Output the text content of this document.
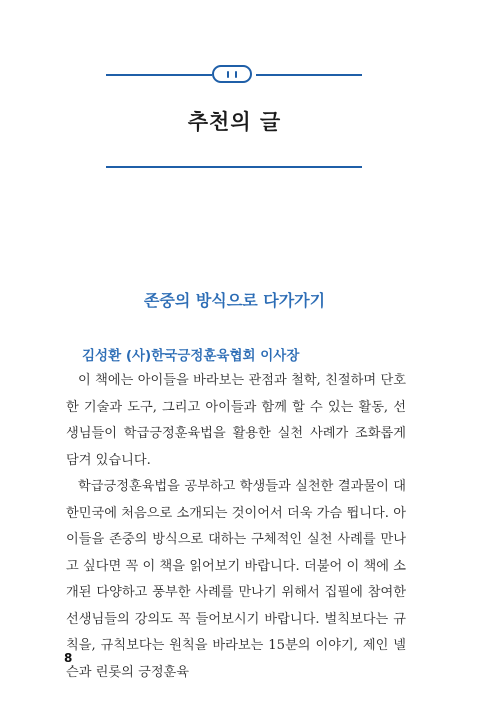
추천의 글
존중의 방식으로 다가가기
김성환 (사)한국긍정훈육협회 이사장

이 책에는 아이들을 바라보는 관점과 철학, 친절하며 단호한 기술과 도구, 그리고 아이들과 함께 할 수 있는 활동, 선생님들이 학급긍정훈육법을 활용한 실천 사례가 조화롭게 담겨 있습니다.

학급긍정훈육법을 공부하고 학생들과 실천한 결과물이 대한민국에 처음으로 소개되는 것이어서 더욱 가슴 뜁니다. 아이들을 존중의 방식으로 대하는 구체적인 실천 사례를 만나고 싶다면 꼭 이 책을 읽어보기 바랍니다. 더불어 이 책에 소개된 다양하고 풍부한 사례를 만나기 위해서 집필에 참여한 선생님들의 강의도 꼭 들어보시기 바랍니다. 벌칙보다는 규칙을, 규칙보다는 원칙을 바라보는 15분의 이야기, 제인 넬슨과 린롯의 긍정훈육

8
